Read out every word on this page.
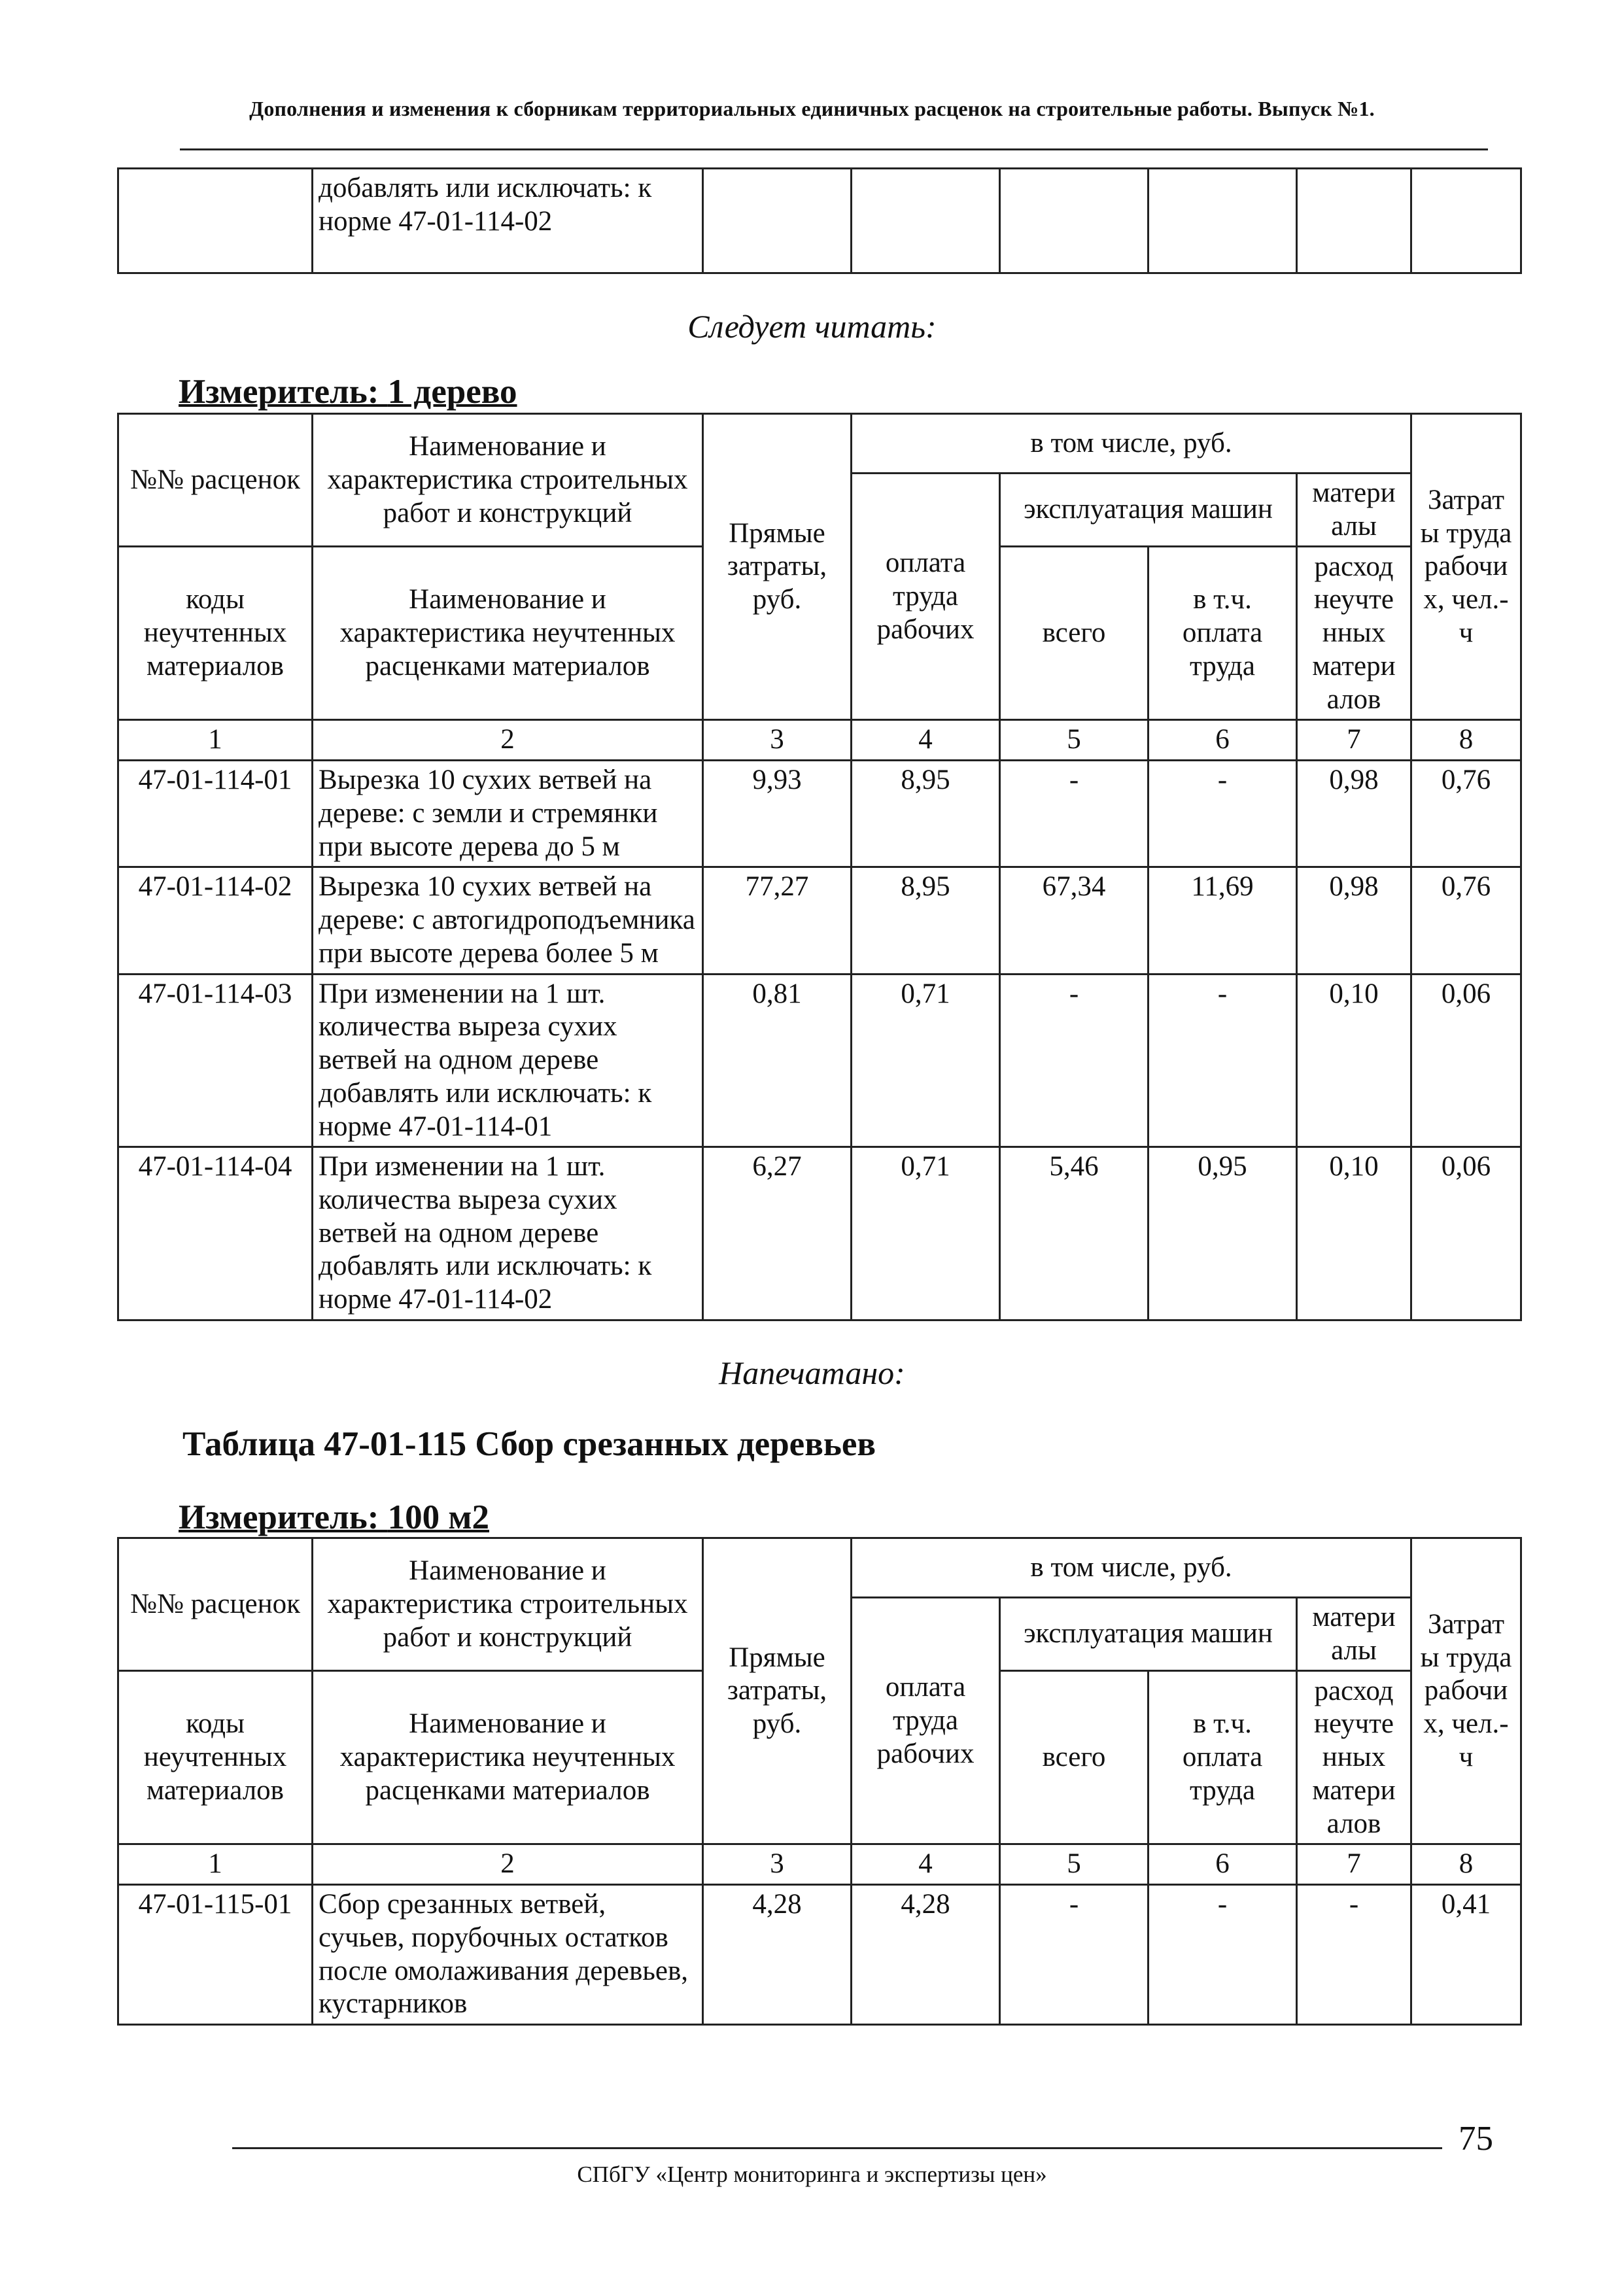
Дополнения и изменения к сборникам территориальных единичных расценок на строительные работы. Выпуск №1.

добавлять или исключать: к
норме 47-01-114-02

Следует читать:
Измеритель: 1 дерево
№№ расценок	Наименование и характеристика строительных работ и конструкций	Прямые затраты, руб.	в том числе, руб.				Затрат ы труда рабочи х, чел.-ч
			оплата труда рабочих	эксплуатация машин		матери алы	
коды неучтенных материалов	Наименование и характеристика неучтенных расценками материалов			всего	в т.ч. оплата труда	расход неучте нных матери алов	

1	2	3	4	5	6	7	8
47-01-114-01	Вырезка 10 сухих ветвей на дереве: с земли и стремянки при высоте дерева до 5 м	9,93	8,95	-	-	0,98	0,76
47-01-114-02	Вырезка 10 сухих ветвей на дереве: с автогидроподъемника при высоте дерева более 5 м	77,27	8,95	67,34	11,69	0,98	0,76
47-01-114-03	При изменении на 1 шт. количества выреза сухих ветвей на одном дереве добавлять или исключать: к норме 47-01-114-01	0,81	0,71	-	-	0,10	0,06
47-01-114-04	При изменении на 1 шт. количества выреза сухих ветвей на одном дереве добавлять или исключать: к норме 47-01-114-02	6,27	0,71	5,46	0,95	0,10	0,06
Напечатано:
Таблица 47-01-115 Сбор срезанных деревьев
Измеритель: 100 м2
№№ расценок	Наименование и характеристика строительных работ и конструкций	Прямые затраты, руб.	в том числе, руб.				Затрат ы труда рабочи х, чел.-ч
			оплата труда рабочих	эксплуатация машин		матери алы	
коды неучтенных материалов	Наименование и характеристика неучтенных расценками материалов			всего	в т.ч. оплата труда	расход неучте нных матери алов	

1	2	3	4	5	6	7	8
47-01-115-01	Сбор срезанных ветвей, сучьев, порубочных остатков после омолаживания деревьев, кустарников	4,28	4,28	-	-	-	0,41
75
СПбГУ «Центр мониторинга и экспертизы цен»
